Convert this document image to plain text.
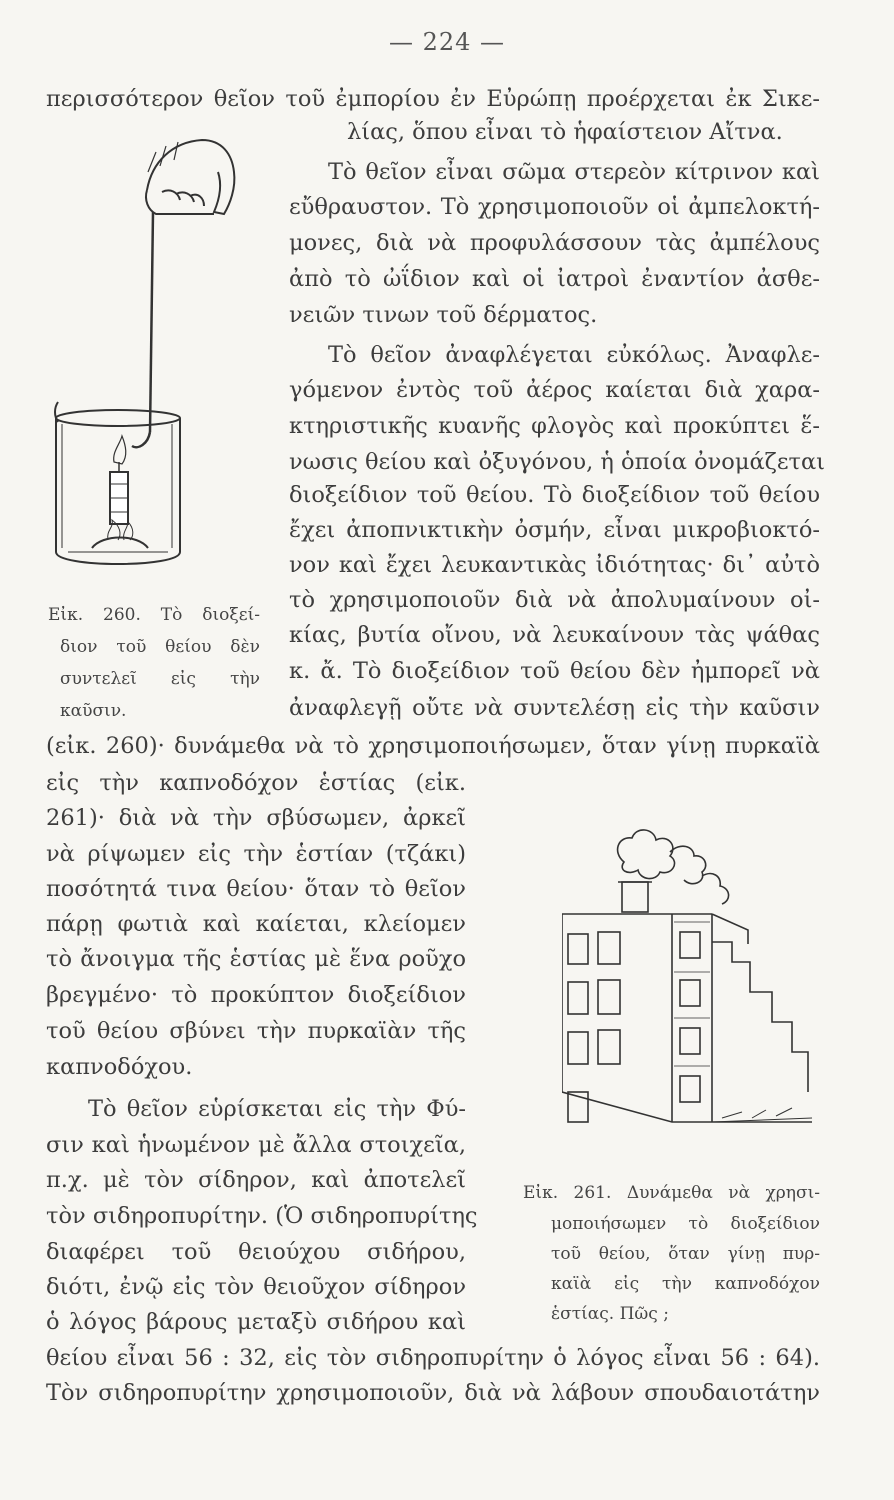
— 224 —
περισσότερον θεῖον τοῦ ἐμπορίου ἐν Εὐρώπῃ προέρχεται ἐκ Σικε-
λίας, ὅπου εἶναι τὸ ἡφαίστειον Αἴτνα.
Τὸ θεῖον εἶναι σῶμα στερεὸν κίτρινον καὶ
εὔθραυστον. Τὸ χρησιμοποιοῦν οἱ ἀμπελοκτή-
μονες, διὰ νὰ προφυλάσσουν τὰς ἀμπέλους
ἀπὸ τὸ ὠΐδιον καὶ οἱ ἰατροὶ ἐναντίον ἀσθε-
νειῶν τινων τοῦ δέρματος.
Τὸ θεῖον ἀναφλέγεται εὐκόλως. Ἀναφλε-
γόμενον ἐντὸς τοῦ ἀέρος καίεται διὰ χαρα-
κτηριστικῆς κυανῆς φλογὸς καὶ προκύπτει ἕ-
νωσις θείου καὶ ὀξυγόνου, ἡ ὁποία ὀνομάζεται
διοξείδιον τοῦ θείου. Τὸ διοξείδιον τοῦ θείου
ἔχει ἀποπνικτικὴν ὀσμήν, εἶναι μικροβιοκτό-
νον καὶ ἔχει λευκαντικὰς ἰδιότητας· δι᾽ αὐτὸ
τὸ χρησιμοποιοῦν διὰ νὰ ἀπολυμαίνουν οἰ-
κίας, βυτία οἴνου, νὰ λευκαίνουν τὰς ψάθας
κ. ἄ. Τὸ διοξείδιον τοῦ θείου δὲν ἠμπορεῖ νὰ
ἀναφλεγῇ οὔτε νὰ συντελέσῃ εἰς τὴν καῦσιν
Εἰκ. 260. Τὸ διοξεί-
διον τοῦ θείου δὲν
συντελεῖ εἰς τὴν
καῦσιν.
(εἰκ. 260)· δυνάμεθα νὰ τὸ χρησιμοποιήσωμεν, ὅταν γίνῃ πυρκαϊὰ
εἰς τὴν καπνοδόχον ἑστίας (εἰκ.
261)· διὰ νὰ τὴν σβύσωμεν, ἀρκεῖ
νὰ ρίψωμεν εἰς τὴν ἑστίαν (τζάκι)
ποσότητά τινα θείου· ὅταν τὸ θεῖον
πάρῃ φωτιὰ καὶ καίεται, κλείομεν
τὸ ἄνοιγμα τῆς ἑστίας μὲ ἕνα ροῦχο
βρεγμένο· τὸ προκύπτον διοξείδιον
τοῦ θείου σβύνει τὴν πυρκαϊὰν τῆς
καπνοδόχου.
Τὸ θεῖον εὑρίσκεται εἰς τὴν Φύ-
σιν καὶ ἡνωμένον μὲ ἄλλα στοιχεῖα,
π.χ. μὲ τὸν σίδηρον, καὶ ἀποτελεῖ
τὸν σιδηροπυρίτην. (Ὁ σιδηροπυρίτης
διαφέρει τοῦ θειούχου σιδήρου,
διότι, ἐνῷ εἰς τὸν θειοῦχον σίδηρον
ὁ λόγος βάρους μεταξὺ σιδήρου καὶ
Εἰκ. 261. Δυνάμεθα νὰ χρησι-
μοποιήσωμεν τὸ διοξείδιον
τοῦ θείου, ὅταν γίνῃ πυρ-
καϊὰ εἰς τὴν καπνοδόχον
ἑστίας. Πῶς ;
θείου εἶναι 56 : 32, εἰς τὸν σιδηροπυρίτην ὁ λόγος εἶναι 56 : 64).
Τὸν σιδηροπυρίτην χρησιμοποιοῦν, διὰ νὰ λάβουν σπουδαιοτάτην
